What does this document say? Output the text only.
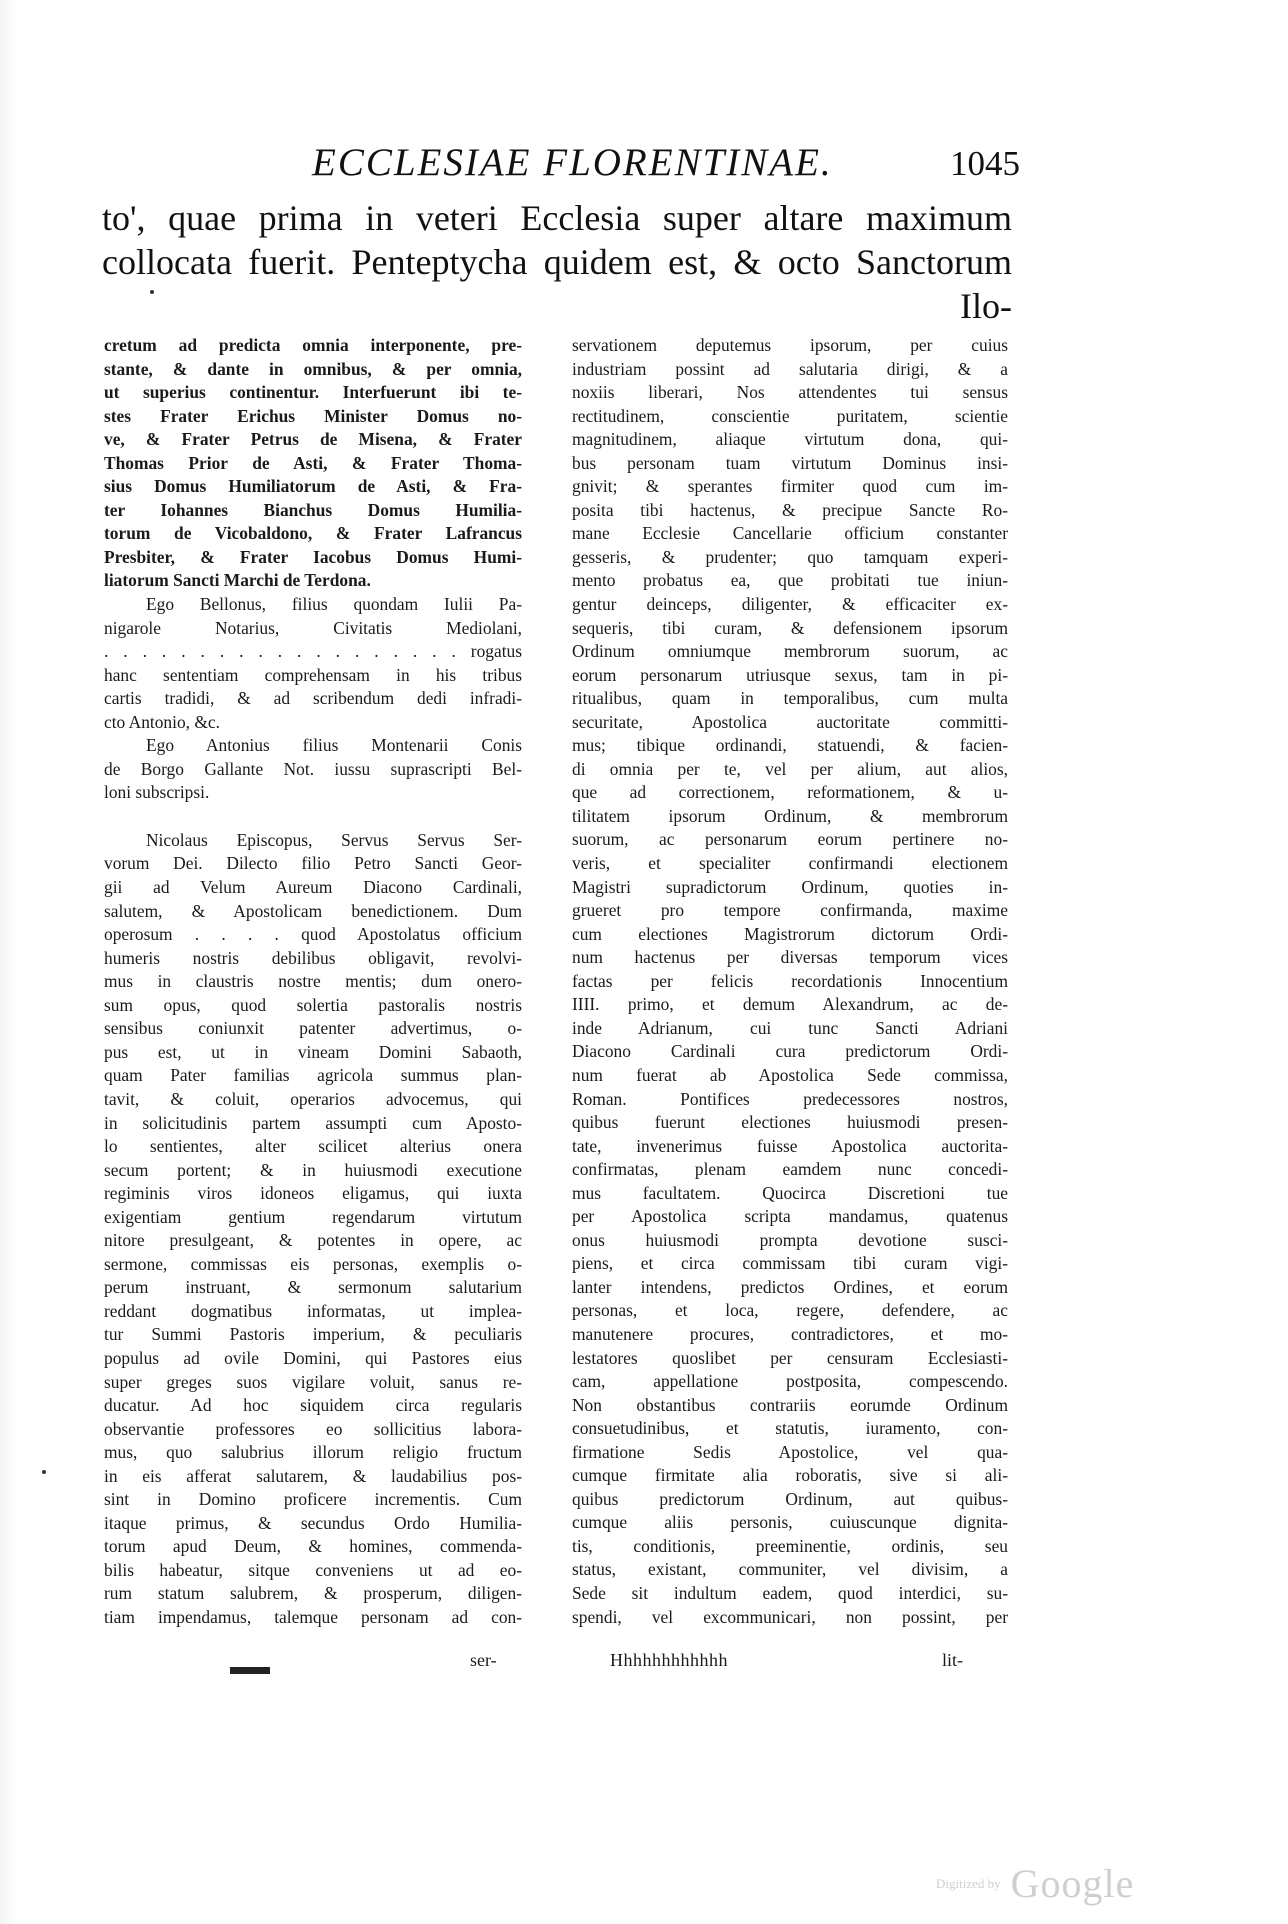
ECCLESIAE FLORENTINAE.	1045
to', quae prima in veteri Ecclesia super altare maximum
collocata fuerit. Penteptycha quidem est, & octo Sanctorum
Ilo-
cretum ad predicta omnia interponente, pre-
stante, & dante in omnibus, & per omnia,
ut superius continentur. Interfuerunt ibi te-
stes Frater Erichus Minister Domus no-
ve, & Frater Petrus de Misena, & Frater
Thomas Prior de Asti, & Frater Thoma-
sius Domus Humiliatorum de Asti, & Fra-
ter Iohannes Bianchus Domus Humilia-
torum de Vicobaldono, & Frater Lafrancus
Presbiter, & Frater Iacobus Domus Humi-
liatorum Sancti Marchi de Terdona.
Ego Bellonus, filius quondam Iulii Pa-
nigarole Notarius, Civitatis Mediolani,
. . . . . . . . . . . . . . . . . . . rogatus
hanc sententiam comprehensam in his tribus
cartis tradidi, & ad scribendum dedi infradi-
cto Antonio, &c.
Ego Antonius filius Montenarii Conis
de Borgo Gallante Not. iussu suprascripti Bel-
loni subscripsi.
Nicolaus Episcopus, Servus Servus Ser-
vorum Dei. Dilecto filio Petro Sancti Geor-
gii ad Velum Aureum Diacono Cardinali,
salutem, & Apostolicam benedictionem. Dum
operosum . . . . quod Apostolatus officium
humeris nostris debilibus obligavit, revolvi-
mus in claustris nostre mentis; dum onero-
sum opus, quod solertia pastoralis nostris
sensibus coniunxit patenter advertimus, o-
pus est, ut in vineam Domini Sabaoth,
quam Pater familias agricola summus plan-
tavit, & coluit, operarios advocemus, qui
in solicitudinis partem assumpti cum Aposto-
lo sentientes, alter scilicet alterius onera
secum portent; & in huiusmodi executione
regiminis viros idoneos eligamus, qui iuxta
exigentiam gentium regendarum virtutum
nitore presulgeant, & potentes in opere, ac
sermone, commissas eis personas, exemplis o-
perum instruant, & sermonum salutarium
reddant dogmatibus informatas, ut implea-
tur Summi Pastoris imperium, & peculiaris
populus ad ovile Domini, qui Pastores eius
super greges suos vigilare voluit, sanus re-
ducatur. Ad hoc siquidem circa regularis
observantie professores eo sollicitius labora-
mus, quo salubrius illorum religio fructum
in eis afferat salutarem, & laudabilius pos-
sint in Domino proficere incrementis. Cum
itaque primus, & secundus Ordo Humilia-
torum apud Deum, & homines, commenda-
bilis habeatur, sitque conveniens ut ad eo-
rum statum salubrem, & prosperum, diligen-
tiam impendamus, talemque personam ad con-
servationem deputemus ipsorum, per cuius
industriam possint ad salutaria dirigi, & a
noxiis liberari, Nos attendentes tui sensus
rectitudinem, conscientie puritatem, scientie
magnitudinem, aliaque virtutum dona, qui-
bus personam tuam virtutum Dominus insi-
gnivit; & sperantes firmiter quod cum im-
posita tibi hactenus, & precipue Sancte Ro-
mane Ecclesie Cancellarie officium constanter
gesseris, & prudenter; quo tamquam experi-
mento probatus ea, que probitati tue iniun-
gentur deinceps, diligenter, & efficaciter ex-
sequeris, tibi curam, & defensionem ipsorum
Ordinum omniumque membrorum suorum, ac
eorum personarum utriusque sexus, tam in pi-
ritualibus, quam in temporalibus, cum multa
securitate, Apostolica auctoritate committi-
mus; tibique ordinandi, statuendi, & facien-
di omnia per te, vel per alium, aut alios,
que ad correctionem, reformationem, & u-
tilitatem ipsorum Ordinum, & membrorum
suorum, ac personarum eorum pertinere no-
veris, et specialiter confirmandi electionem
Magistri supradictorum Ordinum, quoties in-
grueret pro tempore confirmanda, maxime
cum electiones Magistrorum dictorum Ordi-
num hactenus per diversas temporum vices
factas per felicis recordationis Innocentium
IIII. primo, et demum Alexandrum, ac de-
inde Adrianum, cui tunc Sancti Adriani
Diacono Cardinali cura predictorum Ordi-
num fuerat ab Apostolica Sede commissa,
Roman. Pontifices predecessores nostros,
quibus fuerunt electiones huiusmodi presen-
tate, invenerimus fuisse Apostolica auctorita-
confirmatas, plenam eamdem nunc concedi-
mus facultatem. Quocirca Discretioni tue
per Apostolica scripta mandamus, quatenus
onus huiusmodi prompta devotione susci-
piens, et circa commissam tibi curam vigi-
lanter intendens, predictos Ordines, et eorum
personas, et loca, regere, defendere, ac
manutenere procures, contradictores, et mo-
lestatores quoslibet per censuram Ecclesiasti-
cam, appellatione postposita, compescendo.
Non obstantibus contrariis eorumde Ordinum
consuetudinibus, et statutis, iuramento, con-
firmatione Sedis Apostolice, vel qua-
cumque firmitate alia roboratis, sive si ali-
quibus predictorum Ordinum, aut quibus-
cumque aliis personis, cuiuscunque dignita-
tis, conditionis, preeminentie, ordinis, seu
status, existant, communiter, vel divisim, a
Sede sit indultum eadem, quod interdici, su-
spendi, vel excommunicari, non possint, per
ser-	Hhhhhhhhhhhh	lit-
Digitized by Google
